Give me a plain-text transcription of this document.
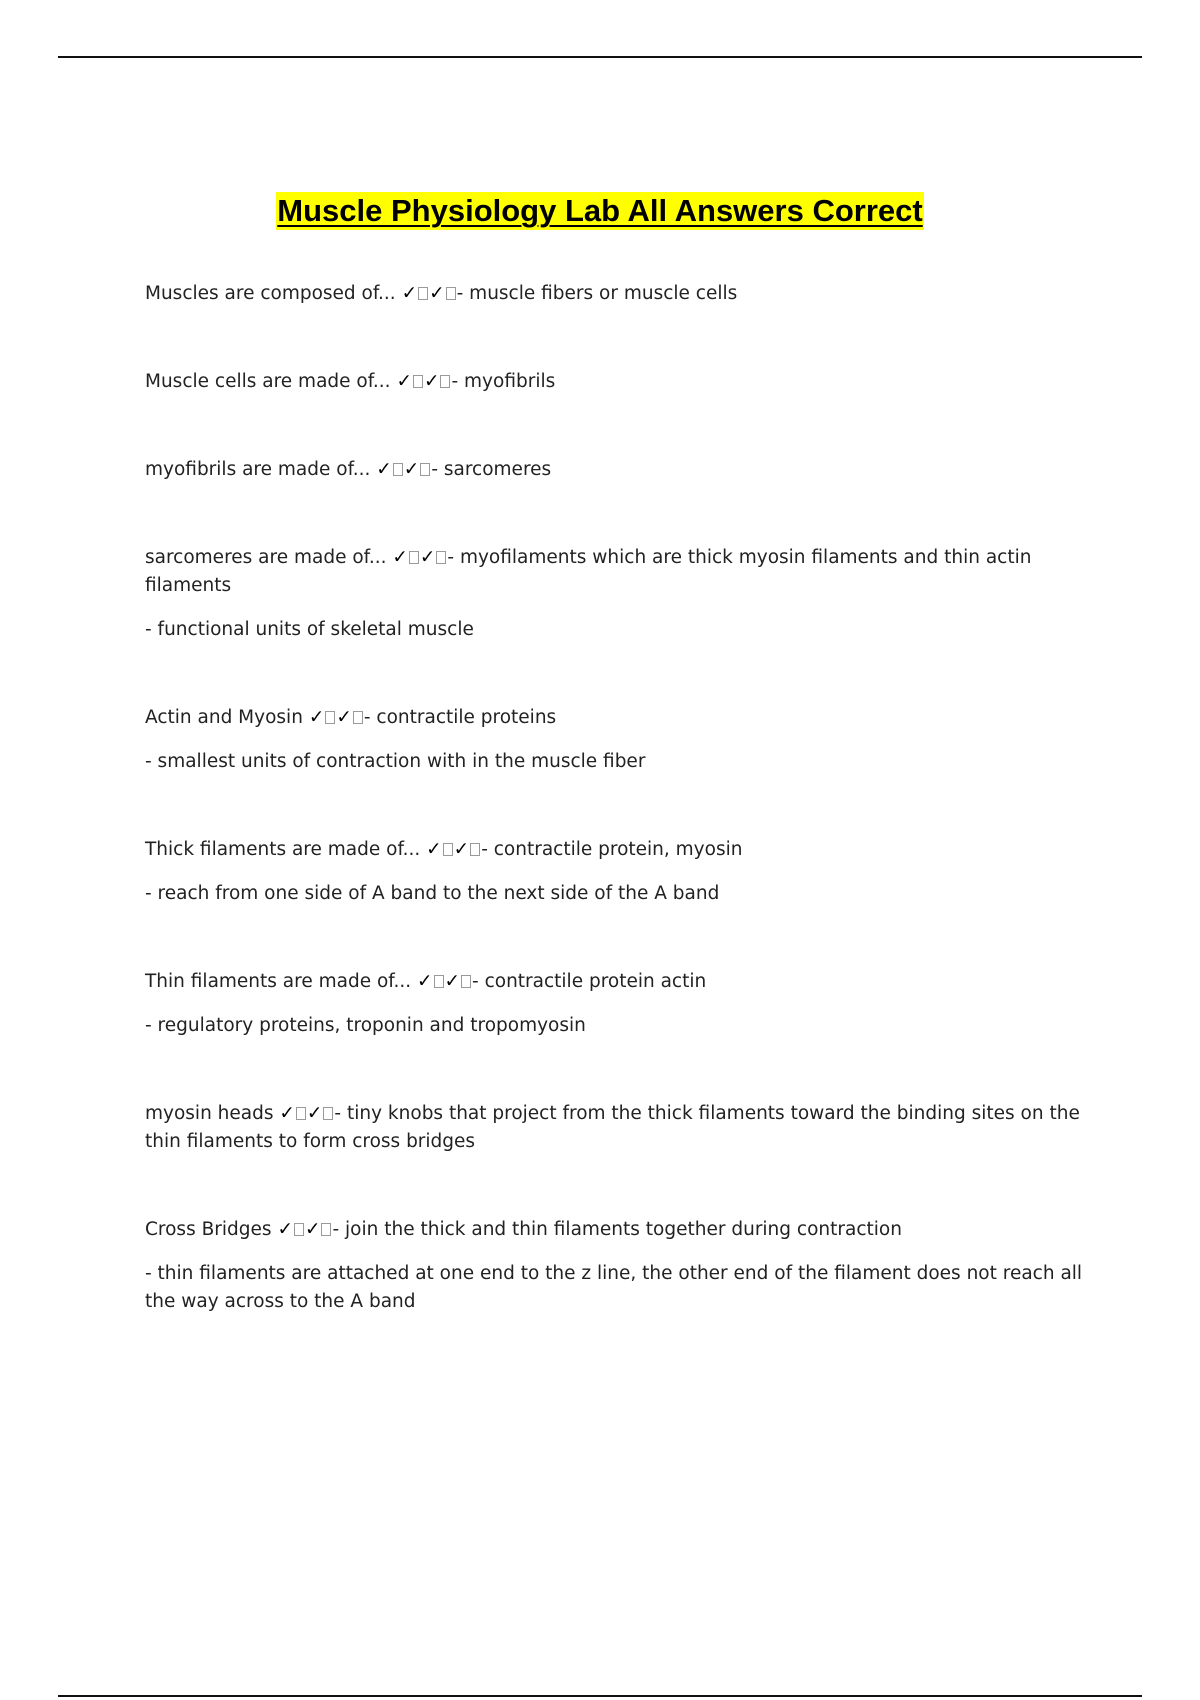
Muscle Physiology Lab All Answers Correct

Muscles are composed of... ✓ ✓ - muscle fibers or muscle cells

Muscle cells are made of... ✓ ✓ - myofibrils

myofibrils are made of... ✓ ✓ - sarcomeres

sarcomeres are made of... ✓ ✓ - myofilaments which are thick myosin filaments and thin actin filaments

- functional units of skeletal muscle

Actin and Myosin ✓ ✓ - contractile proteins

- smallest units of contraction with in the muscle fiber

Thick filaments are made of... ✓ ✓ - contractile protein, myosin

- reach from one side of A band to the next side of the A band

Thin filaments are made of... ✓ ✓ - contractile protein actin

- regulatory proteins, troponin and tropomyosin

myosin heads ✓ ✓ - tiny knobs that project from the thick filaments toward the binding sites on the thin filaments to form cross bridges

Cross Bridges ✓ ✓ - join the thick and thin filaments together during contraction

- thin filaments are attached at one end to the z line, the other end of the filament does not reach all the way across to the A band
